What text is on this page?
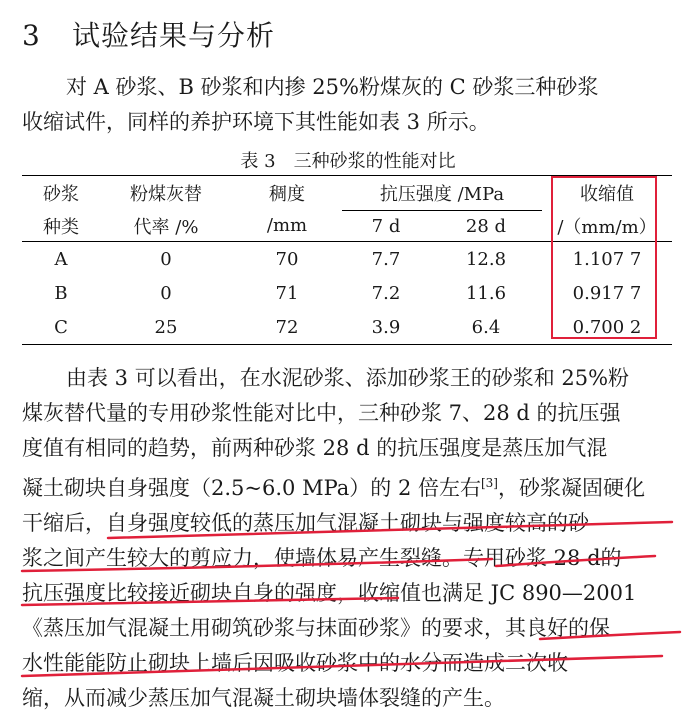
3 试验结果与分析
对 A 砂浆、B 砂浆和内掺 25%粉煤灰的 C 砂浆三种砂浆
收缩试件，同样的养护环境下其性能如表 3 所示。
表 3　三种砂浆的性能对比
砂浆	粉煤灰替	稠度	抗压强度 /MPa		收缩值
种类	代率 /%	/mm	7 d	28 d	/（mm/m）
A	0	70	7.7	12.8	1.107 7
B	0	71	7.2	11.6	0.917 7
C	25	72	3.9	6.4	0.700 2
由表 3 可以看出，在水泥砂浆、添加砂浆王的砂浆和 25%粉
煤灰替代量的专用砂浆性能对比中，三种砂浆 7、28 d 的抗压强
度值有相同的趋势，前两种砂浆 28 d 的抗压强度是蒸压加气混
凝土砌块自身强度（2.5~6.0 MPa）的 2 倍左右[3]，砂浆凝固硬化
干缩后，自身强度较低的蒸压加气混凝土砌块与强度较高的砂
浆之间产生较大的剪应力，使墙体易产生裂缝。专用砂浆 28 d的
抗压强度比较接近砌块自身的强度，收缩值也满足 JC 890—2001
《蒸压加气混凝土用砌筑砂浆与抹面砂浆》的要求，其良好的保
水性能能防止砌块上墙后因吸收砂浆中的水分而造成二次收
缩，从而减少蒸压加气混凝土砌块墙体裂缝的产生。
